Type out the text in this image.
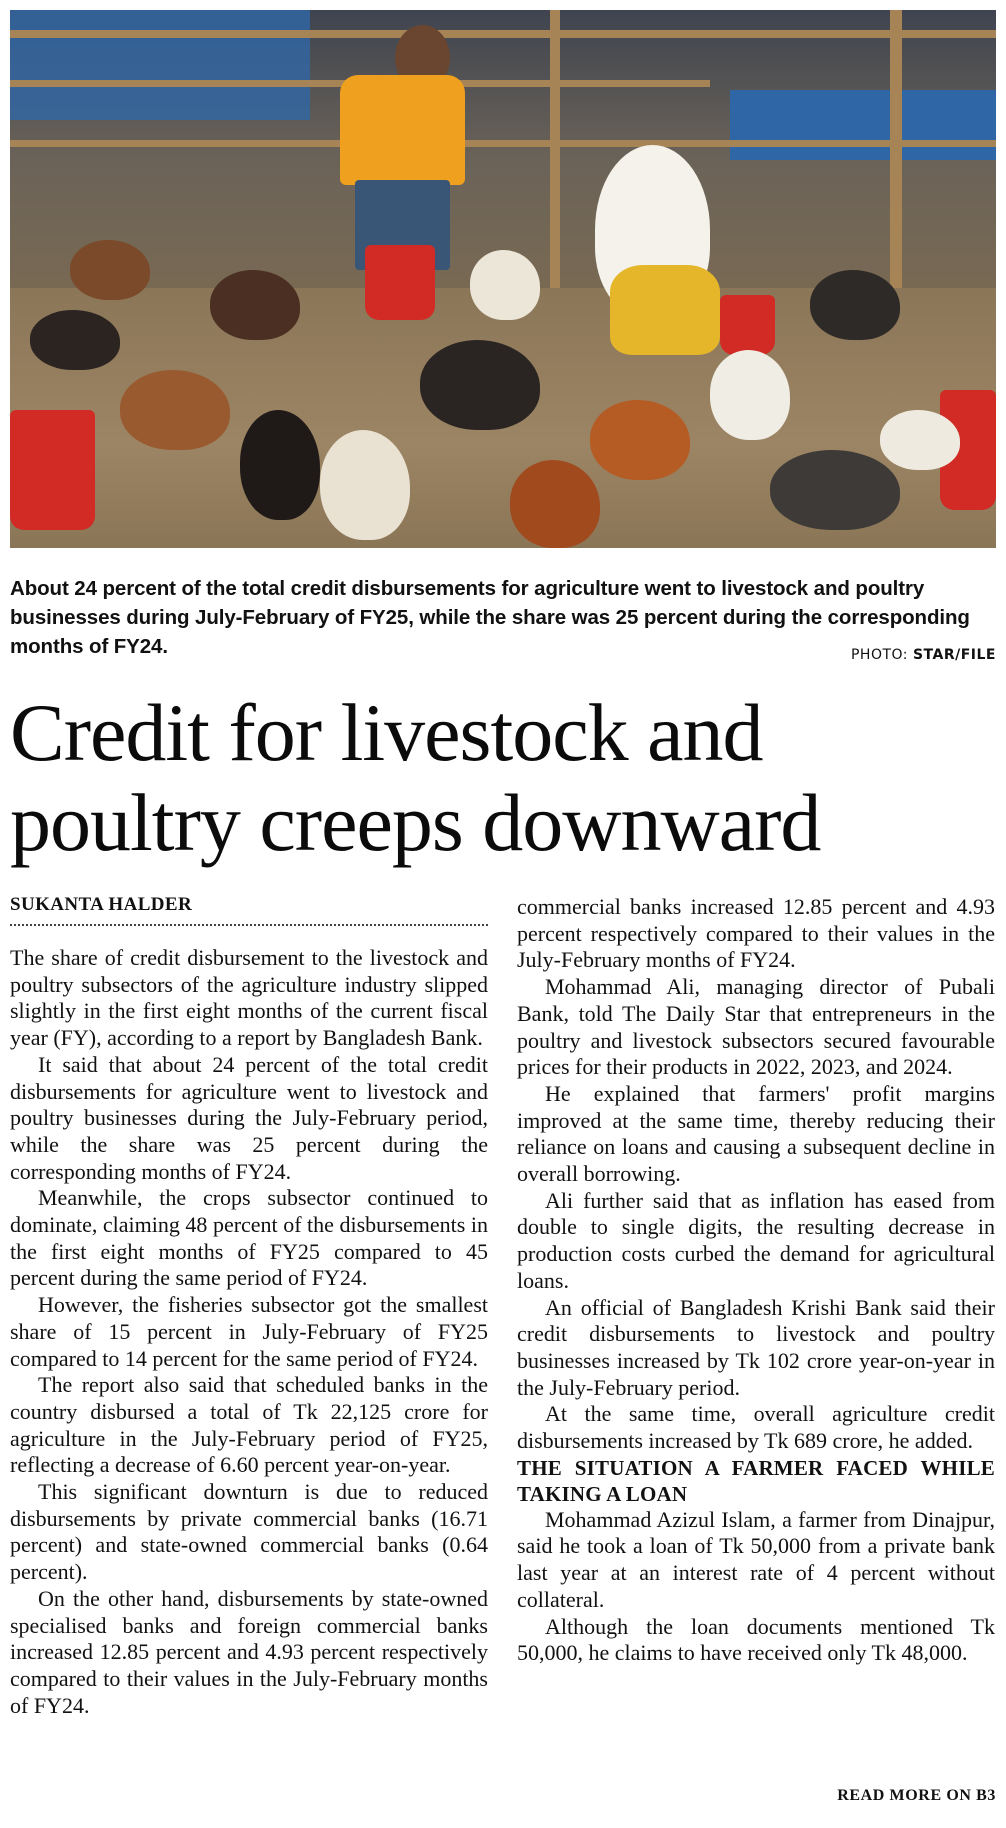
About 24 percent of the total credit disbursements for agriculture went to livestock and poultry businesses during July-February of FY25, while the share was 25 percent during the corresponding months of FY24.	PHOTO: STAR/FILE
Credit for livestock and poultry creeps downward
SUKANTA HALDER

The share of credit disbursement to the livestock and poultry subsectors of the agriculture industry slipped slightly in the first eight months of the current fiscal year (FY), according to a report by Bangladesh Bank.

It said that about 24 percent of the total credit disbursements for agriculture went to livestock and poultry businesses during the July-February period, while the share was 25 percent during the corresponding months of FY24.

Meanwhile, the crops subsector continued to dominate, claiming 48 percent of the disbursements in the first eight months of FY25 compared to 45 percent during the same period of FY24.

However, the fisheries subsector got the smallest share of 15 percent in July-February of FY25 compared to 14 percent for the same period of FY24.

The report also said that scheduled banks in the country disbursed a total of Tk 22,125 crore for agriculture in the July-February period of FY25, reflecting a decrease of 6.60 percent year-on-year.

This significant downturn is due to reduced disbursements by private commercial banks (16.71 percent) and state-owned commercial banks (0.64 percent).

On the other hand, disbursements by state-owned specialised banks and foreign commercial banks increased 12.85 percent and 4.93 percent respectively compared to their values in the July-February months of FY24.

commercial banks increased 12.85 percent and 4.93 percent respectively compared to their values in the July-February months of FY24.

Mohammad Ali, managing director of Pubali Bank, told The Daily Star that entrepreneurs in the poultry and livestock subsectors secured favourable prices for their products in 2022, 2023, and 2024.

He explained that farmers' profit margins improved at the same time, thereby reducing their reliance on loans and causing a subsequent decline in overall borrowing.

Ali further said that as inflation has eased from double to single digits, the resulting decrease in production costs curbed the demand for agricultural loans.

An official of Bangladesh Krishi Bank said their credit disbursements to livestock and poultry businesses increased by Tk 102 crore year-on-year in the July-February period.

At the same time, overall agriculture credit disbursements increased by Tk 689 crore, he added.

THE SITUATION A FARMER FACED WHILE TAKING A LOAN

Mohammad Azizul Islam, a farmer from Dinajpur, said he took a loan of Tk 50,000 from a private bank last year at an interest rate of 4 percent without collateral.

Although the loan documents mentioned Tk 50,000, he claims to have received only Tk 48,000.

READ MORE ON B3
